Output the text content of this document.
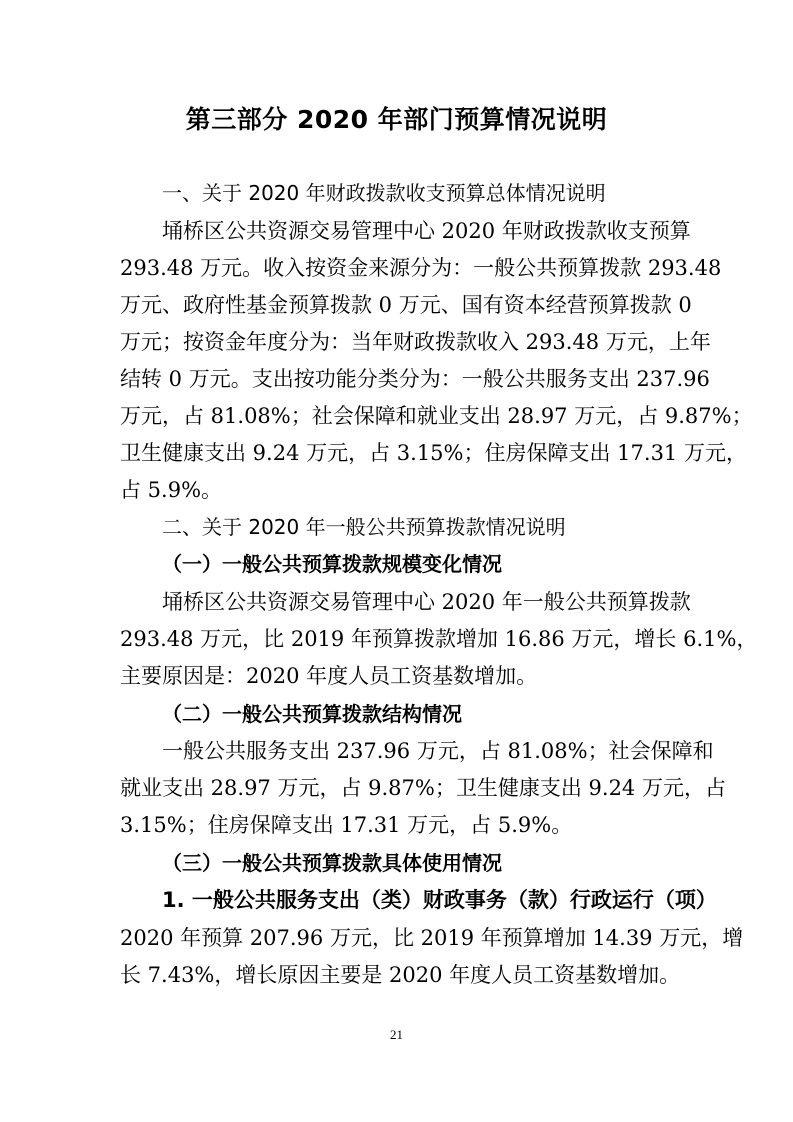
第三部分 2020 年部门预算情况说明
一、关于 2020 年财政拨款收支预算总体情况说明
埇桥区公共资源交易管理中心 2020 年财政拨款收支预算
293.48 万元。收入按资金来源分为：一般公共预算拨款 293.48
万元、政府性基金预算拨款 0 万元、国有资本经营预算拨款 0
万元；按资金年度分为：当年财政拨款收入 293.48 万元，上年
结转 0 万元。支出按功能分类分为：一般公共服务支出 237.96
万元，占 81.08%；社会保障和就业支出 28.97 万元，占 9.87%；
卫生健康支出 9.24 万元，占 3.15%；住房保障支出 17.31 万元，
占 5.9%。
二、关于 2020 年一般公共预算拨款情况说明
（一）一般公共预算拨款规模变化情况
埇桥区公共资源交易管理中心 2020 年一般公共预算拨款
293.48 万元，比 2019 年预算拨款增加 16.86 万元，增长 6.1%，
主要原因是：2020 年度人员工资基数增加。
（二）一般公共预算拨款结构情况
一般公共服务支出 237.96 万元，占 81.08%；社会保障和
就业支出 28.97 万元，占 9.87%；卫生健康支出 9.24 万元，占
3.15%；住房保障支出 17.31 万元，占 5.9%。
（三）一般公共预算拨款具体使用情况
1. 一般公共服务支出（类）财政事务（款）行政运行（项）
2020 年预算 207.96 万元，比 2019 年预算增加 14.39 万元，增
长 7.43%，增长原因主要是 2020 年度人员工资基数增加。
21
